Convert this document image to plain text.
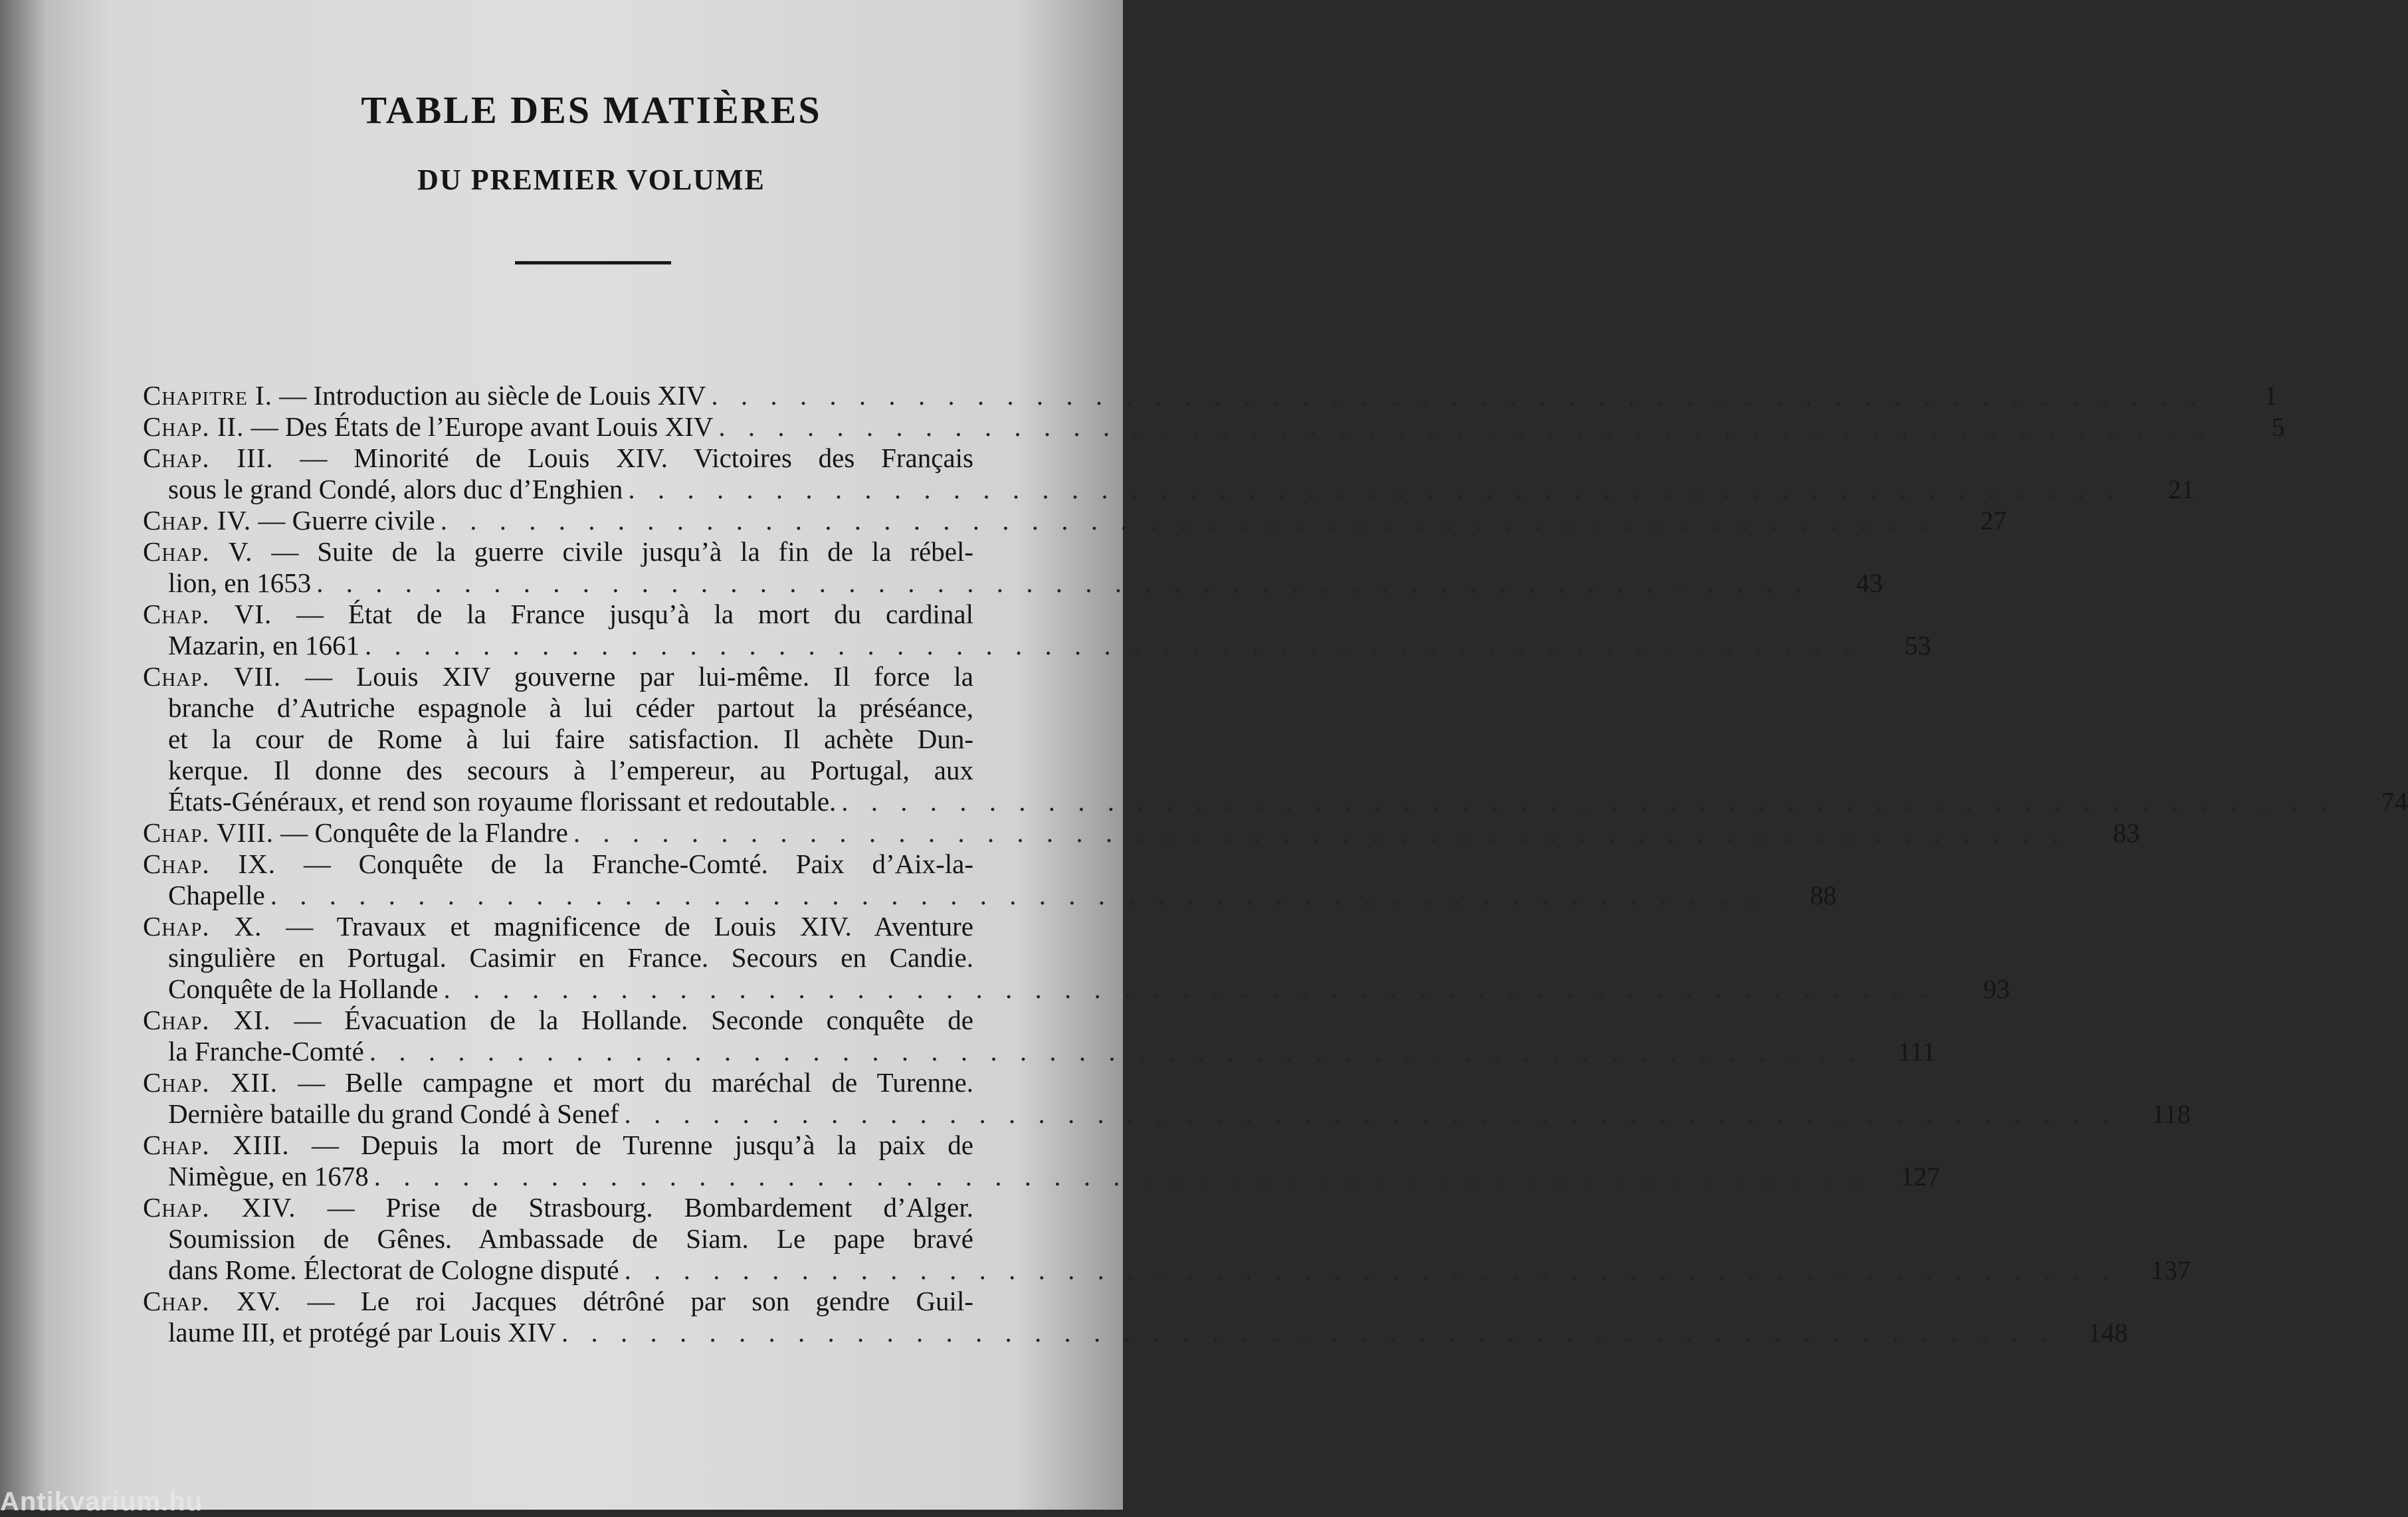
TABLE DES MATIÈRES
DU PREMIER VOLUME
Chapitre I. — Introduction au siècle de Louis XIV . . . . . . . . . . . . . . . . . . . . . . . . . . . . . . . . . . . . . . . . . . . . . . . . . . .	1
Chap. II. — Des États de l’Europe avant Louis XIV . . . . . . . . . . . . . . . . . . . . . . . . . . . . . . . . . . . . . . . . . . . . . . . . . . .	5
Chap. III. — Minorité de Louis XIV. Victoires des Français
sous le grand Condé, alors duc d’Enghien . . . . . . . . . . . . . . . . . . . . . . . . . . . . . . . . . . . . . . . . . . . . . . . . . . .	21
Chap. IV. — Guerre civile . . . . . . . . . . . . . . . . . . . . . . . . . . . . . . . . . . . . . . . . . . . . . . . . . . .	27
Chap. V. — Suite de la guerre civile jusqu’à la fin de la rébel-
lion, en 1653 . . . . . . . . . . . . . . . . . . . . . . . . . . . . . . . . . . . . . . . . . . . . . . . . . . .	43
Chap. VI. — État de la France jusqu’à la mort du cardinal
Mazarin, en 1661 . . . . . . . . . . . . . . . . . . . . . . . . . . . . . . . . . . . . . . . . . . . . . . . . . . .	53
Chap. VII. — Louis XIV gouverne par lui-même. Il force la
branche d’Autriche espagnole à lui céder partout la préséance,
et la cour de Rome à lui faire satisfaction. Il achète Dun-
kerque. Il donne des secours à l’empereur, au Portugal, aux
États-Généraux, et rend son royaume florissant et redoutable. . . . . . . . . . . . . . . . . . . . . . . . . . . . . . . . . . . . . . . . . . . . . . . . . . . .	74
Chap. VIII. — Conquête de la Flandre . . . . . . . . . . . . . . . . . . . . . . . . . . . . . . . . . . . . . . . . . . . . . . . . . . .	83
Chap. IX. — Conquête de la Franche-Comté. Paix d’Aix-la-
Chapelle . . . . . . . . . . . . . . . . . . . . . . . . . . . . . . . . . . . . . . . . . . . . . . . . . . .	88
Chap. X. — Travaux et magnificence de Louis XIV. Aventure
singulière en Portugal. Casimir en France. Secours en Candie.
Conquête de la Hollande . . . . . . . . . . . . . . . . . . . . . . . . . . . . . . . . . . . . . . . . . . . . . . . . . . .	93
Chap. XI. — Évacuation de la Hollande. Seconde conquête de
la Franche-Comté . . . . . . . . . . . . . . . . . . . . . . . . . . . . . . . . . . . . . . . . . . . . . . . . . . .	111
Chap. XII. — Belle campagne et mort du maréchal de Turenne.
Dernière bataille du grand Condé à Senef . . . . . . . . . . . . . . . . . . . . . . . . . . . . . . . . . . . . . . . . . . . . . . . . . . .	118
Chap. XIII. — Depuis la mort de Turenne jusqu’à la paix de
Nimègue, en 1678 . . . . . . . . . . . . . . . . . . . . . . . . . . . . . . . . . . . . . . . . . . . . . . . . . . .	127
Chap. XIV. — Prise de Strasbourg. Bombardement d’Alger.
Soumission de Gênes. Ambassade de Siam. Le pape bravé
dans Rome. Électorat de Cologne disputé . . . . . . . . . . . . . . . . . . . . . . . . . . . . . . . . . . . . . . . . . . . . . . . . . . .	137
Chap. XV. — Le roi Jacques détrôné par son gendre Guil-
laume III, et protégé par Louis XIV . . . . . . . . . . . . . . . . . . . . . . . . . . . . . . . . . . . . . . . . . . . . . . . . . . .	148
Antikvarium.hu
